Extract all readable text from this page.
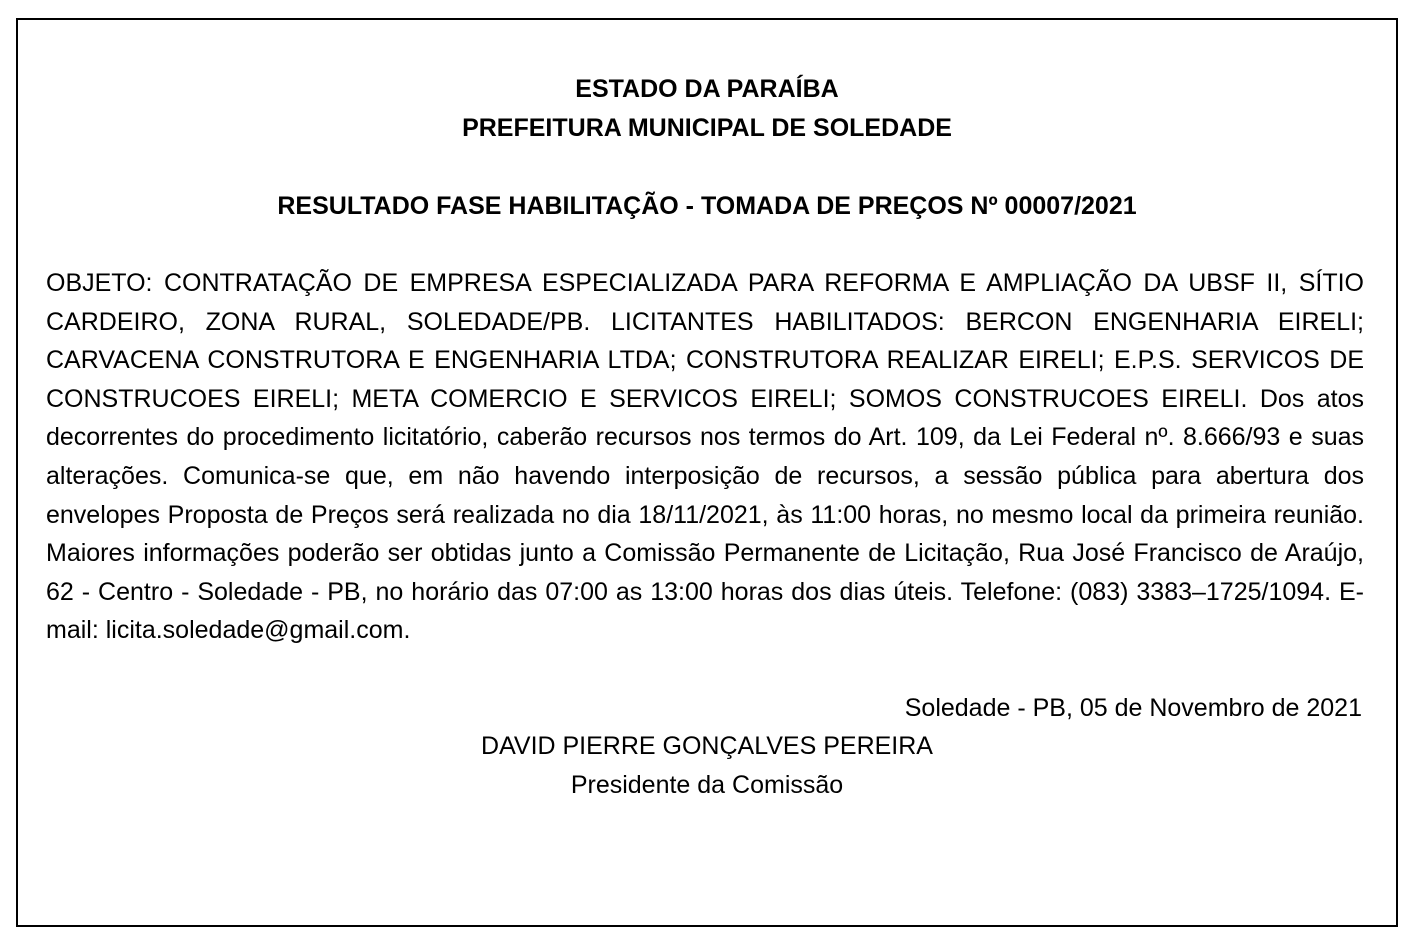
ESTADO DA PARAÍBA
PREFEITURA MUNICIPAL DE SOLEDADE
RESULTADO FASE HABILITAÇÃO - TOMADA DE PREÇOS Nº 00007/2021
OBJETO: CONTRATAÇÃO DE EMPRESA ESPECIALIZADA PARA REFORMA E AMPLIAÇÃO DA UBSF II, SÍTIO CARDEIRO, ZONA RURAL, SOLEDADE/PB. LICITANTES HABILITADOS: BERCON ENGENHARIA EIRELI; CARVACENA CONSTRUTORA E ENGENHARIA LTDA; CONSTRUTORA REALIZAR EIRELI; E.P.S. SERVICOS DE CONSTRUCOES EIRELI; META COMERCIO E SERVICOS EIRELI; SOMOS CONSTRUCOES EIRELI. Dos atos decorrentes do procedimento licitatório, caberão recursos nos termos do Art. 109, da Lei Federal nº. 8.666/93 e suas alterações. Comunica-se que, em não havendo interposição de recursos, a sessão pública para abertura dos envelopes Proposta de Preços será realizada no dia 18/11/2021, às 11:00 horas, no mesmo local da primeira reunião. Maiores informações poderão ser obtidas junto a Comissão Permanente de Licitação, Rua José Francisco de Araújo, 62 - Centro - Soledade - PB, no horário das 07:00 as 13:00 horas dos dias úteis. Telefone: (083) 3383–1725/1094. E-mail: licita.soledade@gmail.com.
Soledade - PB, 05 de Novembro de 2021
DAVID PIERRE GONÇALVES PEREIRA
Presidente da Comissão
